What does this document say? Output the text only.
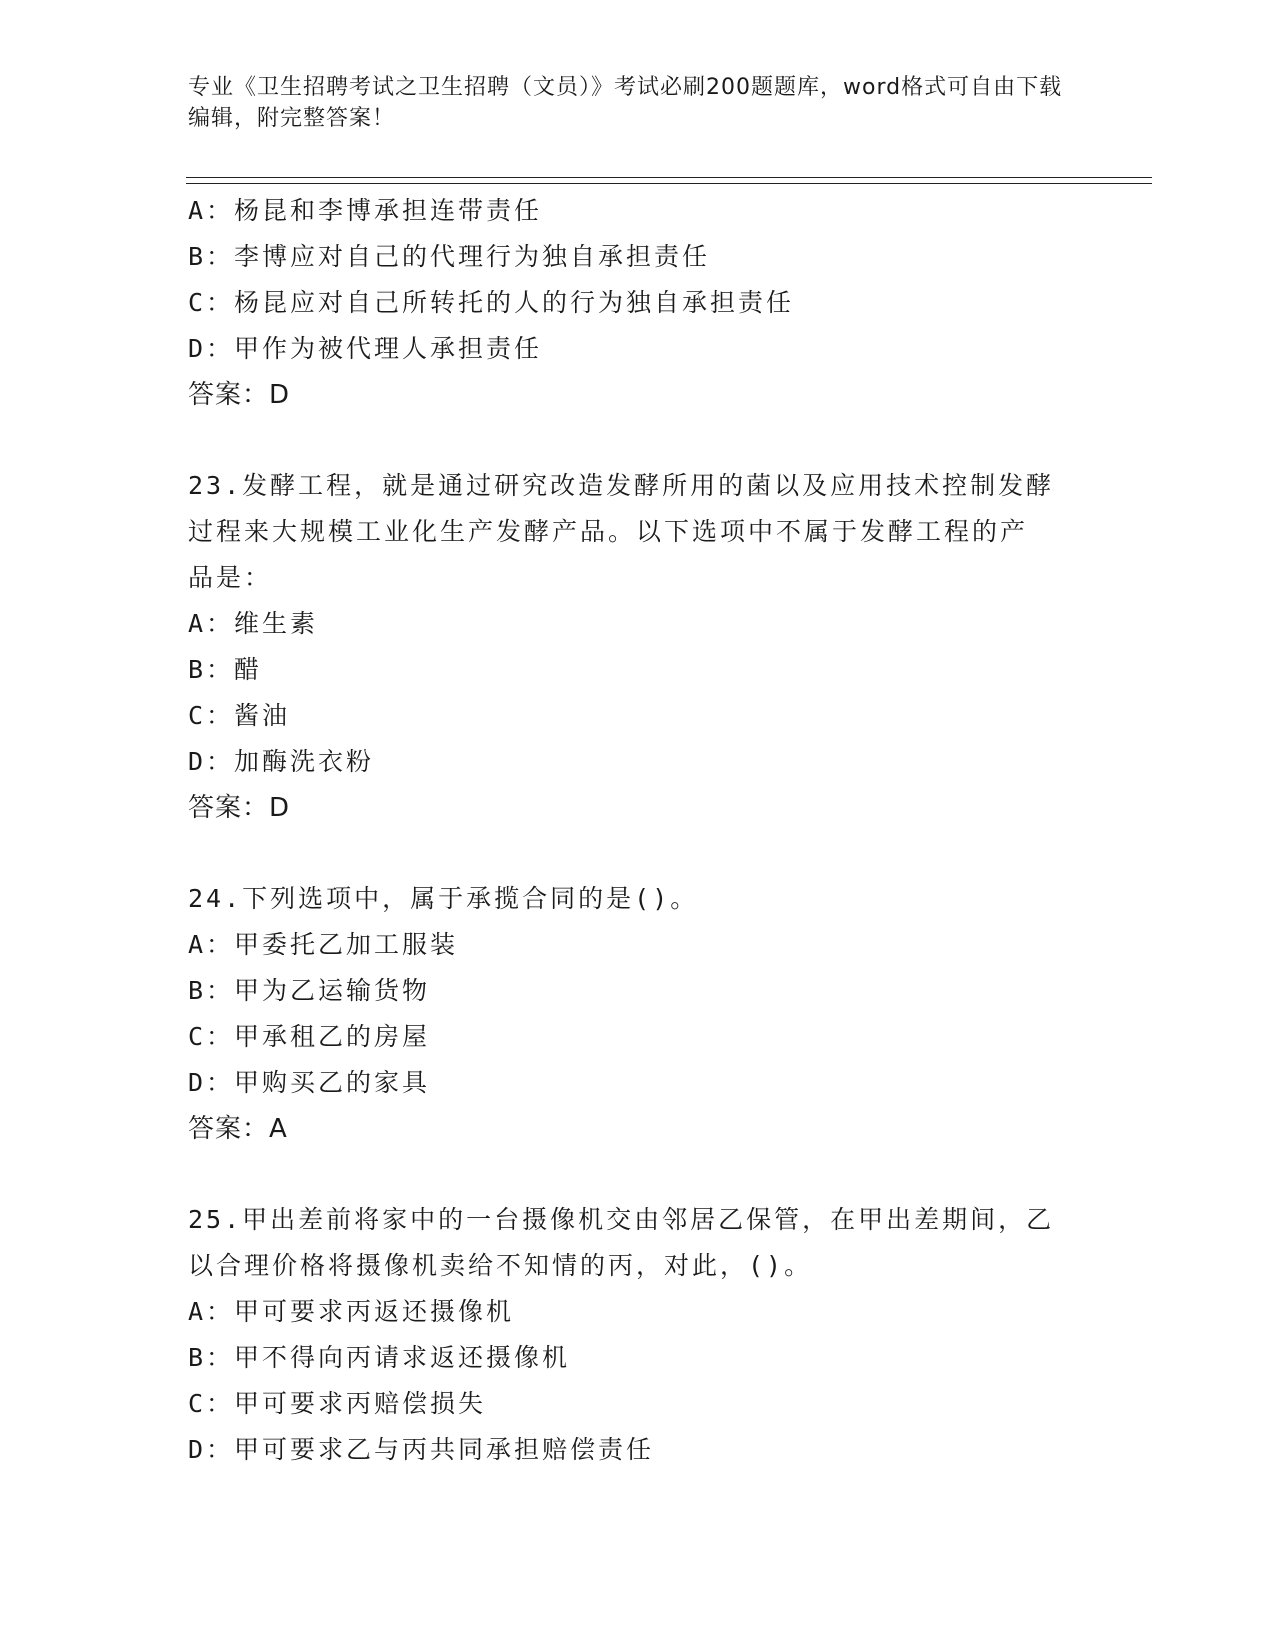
专业《卫生招聘考试之卫生招聘（文员）》考试必刷200题题库，word格式可自由下载编辑，附完整答案！
A：杨昆和李博承担连带责任
B：李博应对自己的代理行为独自承担责任
C：杨昆应对自己所转托的人的行为独自承担责任
D：甲作为被代理人承担责任
答案：D
23.发酵工程，就是通过研究改造发酵所用的菌以及应用技术控制发酵
过程来大规模工业化生产发酵产品。以下选项中不属于发酵工程的产
品是：
A：维生素
B：醋
C：酱油
D：加酶洗衣粉
答案：D
24.下列选项中，属于承揽合同的是()。
A：甲委托乙加工服装
B：甲为乙运输货物
C：甲承租乙的房屋
D：甲购买乙的家具
答案：A
25.甲出差前将家中的一台摄像机交由邻居乙保管，在甲出差期间，乙
以合理价格将摄像机卖给不知情的丙，对此，()。
A：甲可要求丙返还摄像机
B：甲不得向丙请求返还摄像机
C：甲可要求丙赔偿损失
D：甲可要求乙与丙共同承担赔偿责任
